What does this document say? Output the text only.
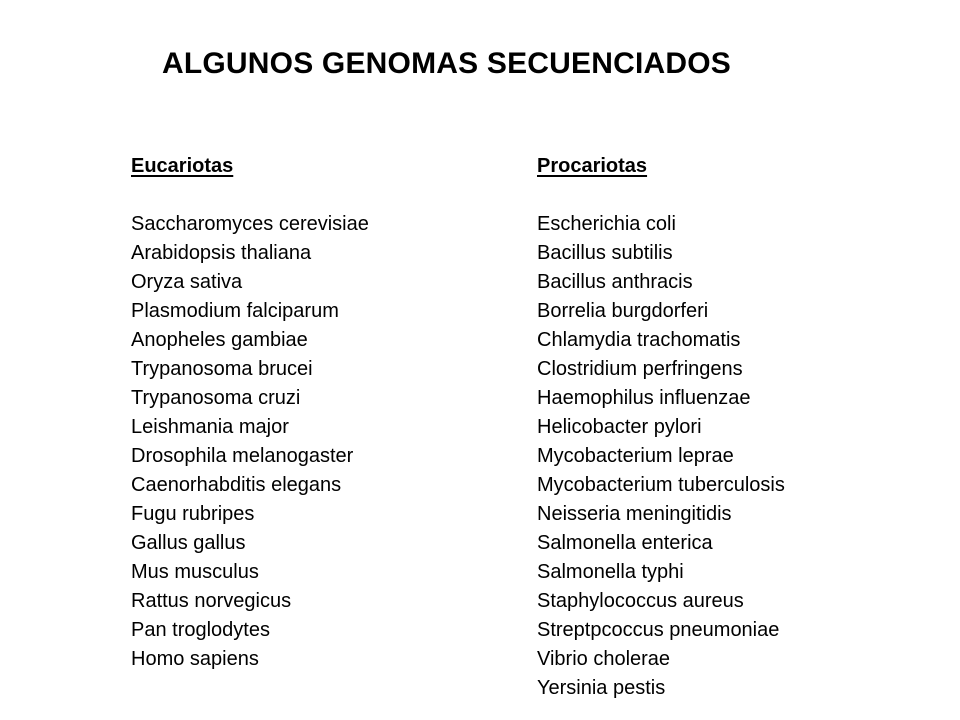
ALGUNOS GENOMAS SECUENCIADOS
Eucariotas
Saccharomyces cerevisiae
Arabidopsis thaliana
Oryza sativa
Plasmodium falciparum
Anopheles gambiae
Trypanosoma brucei
Trypanosoma cruzi
Leishmania major
Drosophila melanogaster
Caenorhabditis elegans
Fugu rubripes
Gallus gallus
Mus musculus
Rattus norvegicus
Pan troglodytes
Homo sapiens
Procariotas
Escherichia coli
Bacillus subtilis
Bacillus anthracis
Borrelia burgdorferi
Chlamydia trachomatis
Clostridium perfringens
Haemophilus influenzae
Helicobacter pylori
Mycobacterium leprae
Mycobacterium tuberculosis
Neisseria meningitidis
Salmonella enterica
Salmonella typhi
Staphylococcus aureus
Streptpcoccus pneumoniae
Vibrio cholerae
Yersinia pestis
